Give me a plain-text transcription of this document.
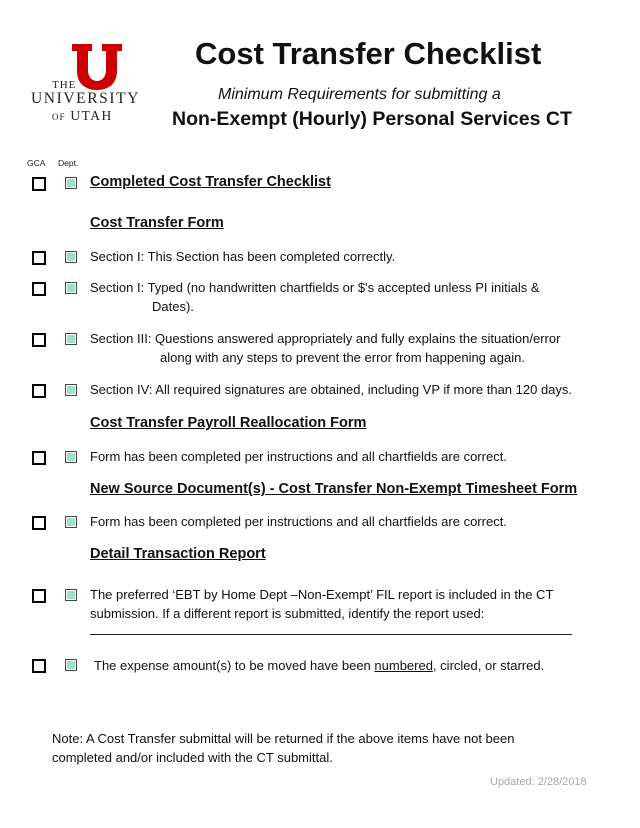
THE
UNIVERSITY
OF UTAH
Cost Transfer Checklist
Minimum Requirements for submitting a
Non-Exempt (Hourly) Personal Services CT
GCA Dept.
Completed Cost Transfer Checklist
Cost Transfer Form
Section I: This Section has been completed correctly.
Section I: Typed (no handwritten chartfields or $'s accepted unless PI initials &
Dates).
Section III: Questions answered appropriately and fully explains the situation/error
along with any steps to prevent the error from happening again.
Section IV: All required signatures are obtained, including VP if more than 120 days.
Cost Transfer Payroll Reallocation Form
Form has been completed per instructions and all chartfields are correct.
New Source Document(s) - Cost Transfer Non-Exempt Timesheet Form
Form has been completed per instructions and all chartfields are correct.
Detail Transaction Report
The preferred ‘EBT by Home Dept –Non-Exempt’ FIL report is included in the CT
submission. If a different report is submitted, identify the report used:
The expense amount(s) to be moved have been numbered, circled, or starred.
Note: A Cost Transfer submittal will be returned if the above items have not been
completed and/or included with the CT submittal.
Updated: 2/28/2018
